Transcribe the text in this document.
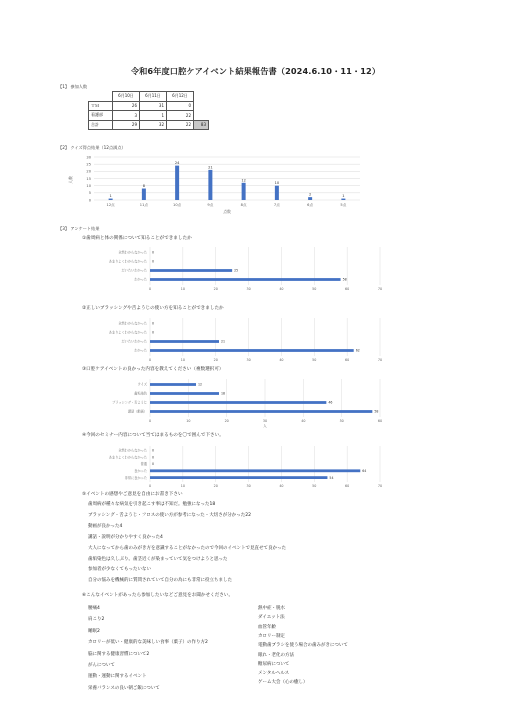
令和6年度口腔ケアイベント結果報告書（2024.6.10・11・12）
【1】 参加人数
	6月10日	6月11日	6月12日	
ＴＭ	26	31	0	
看護部	3	1	22	
合計	29	32	22	83
【2】 クイズ得点結果（12点満点）
0
5
10
15
20
25
30
人数
1
12点
8
11点
24
10点
21
9点
12
8点
10
7点
2
6点
1
5点
点数
【3】 アンケート結果
①歯周病と体の関係について知ることができましたか
0	10	20	30	40	50	60	70
全然わからなかった 0
あまりよくわからなかった 0
だいたいわかった	25
わかった	58
②正しいブラッシングや舌ようじの使い方を知ることができましたか
0	10	20	30	40	50	60	70
全然わからなかった 0
あまりよくわからなかった 0
だいたいわかった	21
わかった	62
③口腔ケアイベントの良かった内容を教えてください（複数選択可）
0	10	20	30	40	50	60
クイズ	12
歯垢染色	18
ブラッシング・舌ようじ	46
講話（動画）	58
人
④今回のセミナー内容について当てはまるものを〇で囲んで下さい。
0	10	20	30	40	50	60	70
全然わからなかった 0
あまりよくわからなかった 0
普通 0
良かった	64
非常に良かった	54
⑤イベントの感想やご意見を自由にお書き下さい
歯周病が種々な病気を引き起こす事は不知だ。勉強になった18
ブラッシング・舌ようじ・フロスの使い方が参考になった・大切さが分かった22
動画が良かった4
講話・説明が分かりやすく良かった4
大人になってから歯のみがき方を意識することがなかったので今回のイベントで見直せて良かった
歯垢染色は久しぶり。歯茎近くが染まっていて気をつけようと思った
参加者が少なくてもったいない
自分の悩みを機械的に質問されていて自分の為にも非常に役立ちました
⑥こんなイベントがあったら参加したいなどご意見をお聞かせください。
腰痛4
肩こり2
睡眠2
カロリーが低い・健康的な美味しい食事（菓子）の作り方2
脳に関する健康習慣について2
がんについて
運動・運動に関するイベント
栄養バランスの良い朝ご飯について
熱中症・脱水
ダイエット法
血管年齢
カロリー制定
電動歯ブラシを使う場合の歯みがきについて
眼れ・老化の方法
糖尿病について
メンタルヘルス
ゲーム大会（心の癒し）
